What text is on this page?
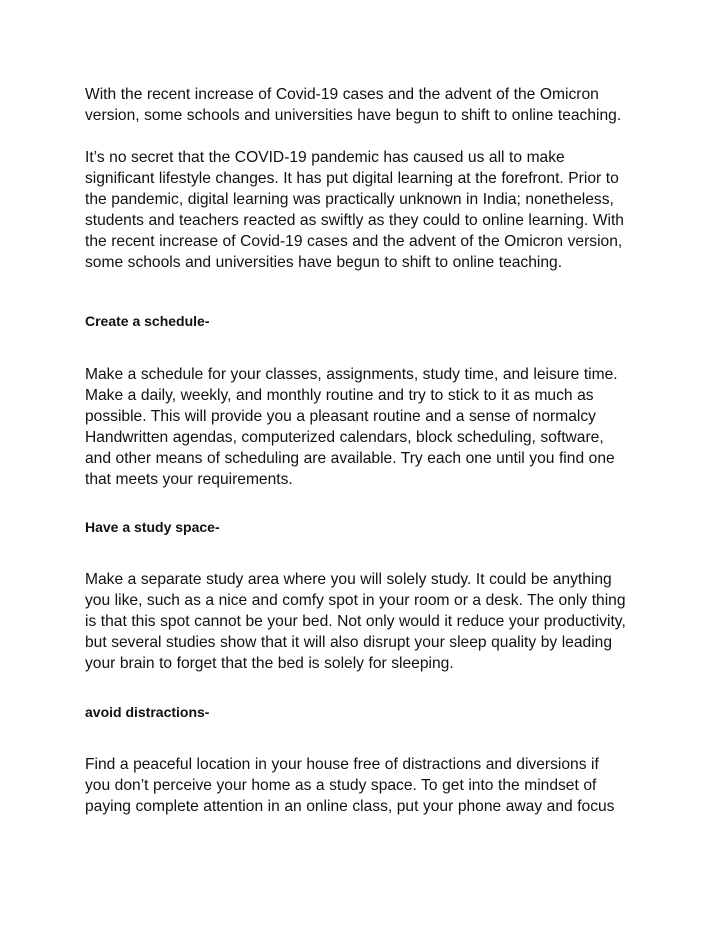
With the recent increase of Covid-19 cases and the advent of the Omicron
version, some schools and universities have begun to shift to online teaching.

It’s no secret that the COVID-19 pandemic has caused us all to make
significant lifestyle changes. It has put digital learning at the forefront. Prior to
the pandemic, digital learning was practically unknown in India; nonetheless,
students and teachers reacted as swiftly as they could to online learning. With
the recent increase of Covid-19 cases and the advent of the Omicron version,
some schools and universities have begun to shift to online teaching.

Create a schedule-

Make a schedule for your classes, assignments, study time, and leisure time.
Make a daily, weekly, and monthly routine and try to stick to it as much as
possible. This will provide you a pleasant routine and a sense of normalcy
Handwritten agendas, computerized calendars, block scheduling, software,
and other means of scheduling are available. Try each one until you find one
that meets your requirements.

Have a study space-

Make a separate study area where you will solely study. It could be anything
you like, such as a nice and comfy spot in your room or a desk. The only thing
is that this spot cannot be your bed. Not only would it reduce your productivity,
but several studies show that it will also disrupt your sleep quality by leading
your brain to forget that the bed is solely for sleeping.

avoid distractions-

Find a peaceful location in your house free of distractions and diversions if
you don’t perceive your home as a study space. To get into the mindset of
paying complete attention in an online class, put your phone away and focus
